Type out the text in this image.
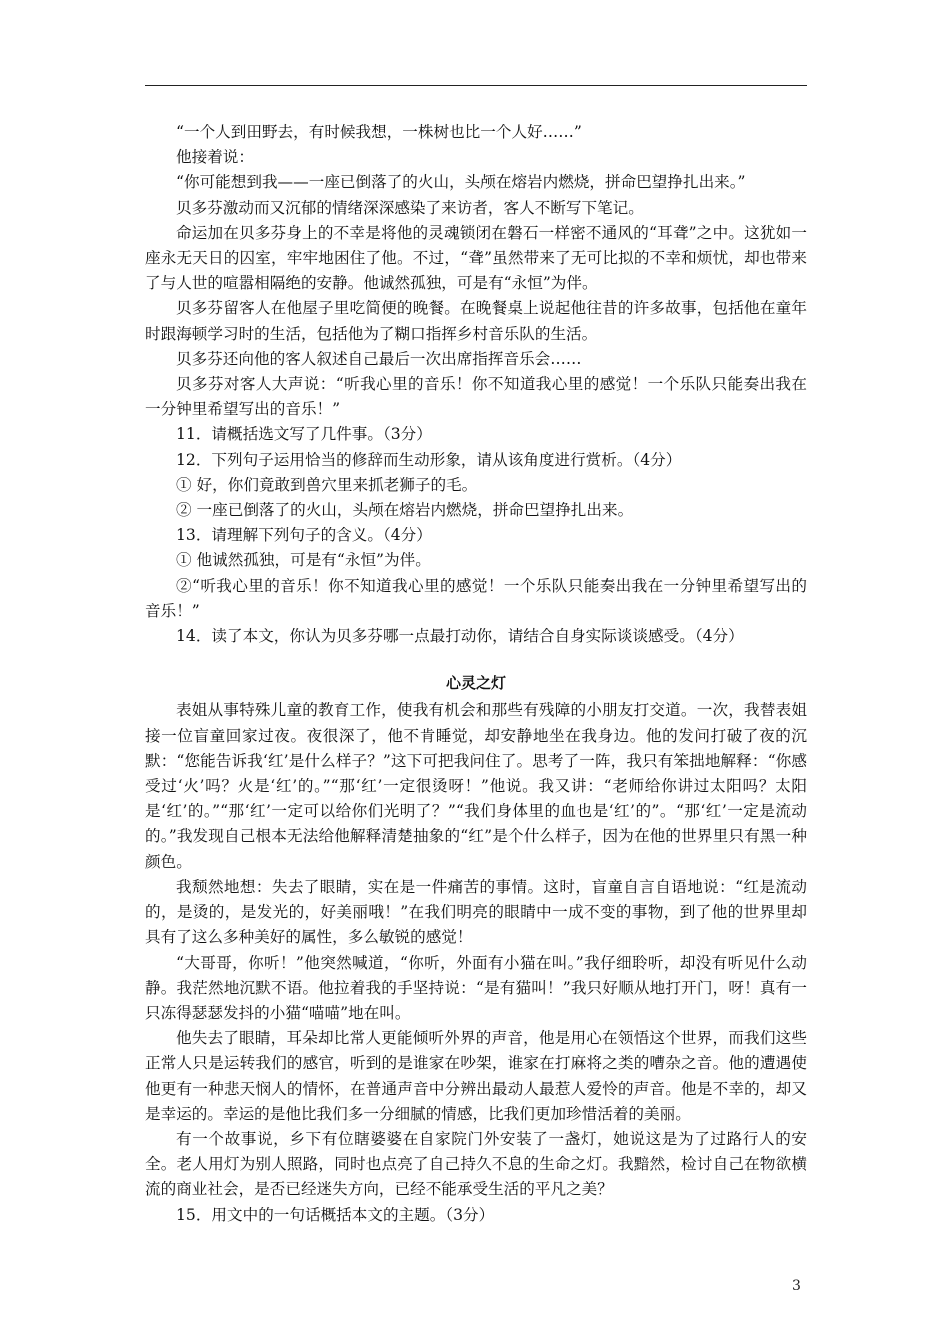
“一个人到田野去，有时候我想，一株树也比一个人好……”

他接着说：

“你可能想到我——一座已倒落了的火山，头颅在熔岩内燃烧，拼命巴望挣扎出来。”

贝多芬激动而又沉郁的情绪深深感染了来访者，客人不断写下笔记。

命运加在贝多芬身上的不幸是将他的灵魂锁闭在磐石一样密不通风的“耳聋”之中。这犹如一座永无天日的囚室，牢牢地困住了他。不过，“聋”虽然带来了无可比拟的不幸和烦忧，却也带来了与人世的喧嚣相隔绝的安静。他诚然孤独，可是有“永恒”为伴。

贝多芬留客人在他屋子里吃简便的晚餐。在晚餐桌上说起他往昔的许多故事，包括他在童年时跟海顿学习时的生活，包括他为了糊口指挥乡村音乐队的生活。

贝多芬还向他的客人叙述自己最后一次出席指挥音乐会……

贝多芬对客人大声说：“听我心里的音乐！你不知道我心里的感觉！一个乐队只能奏出我在一分钟里希望写出的音乐！”

11．请概括选文写了几件事。（3分）

12．下列句子运用恰当的修辞而生动形象，请从该角度进行赏析。（4分）

① 好，你们竟敢到兽穴里来抓老狮子的毛。

② 一座已倒落了的火山，头颅在熔岩内燃烧，拼命巴望挣扎出来。

13．请理解下列句子的含义。（4分）

① 他诚然孤独，可是有“永恒”为伴。

②“听我心里的音乐！你不知道我心里的感觉！一个乐队只能奏出我在一分钟里希望写出的音乐！”

14．读了本文，你认为贝多芬哪一点最打动你，请结合自身实际谈谈感受。（4分）

心灵之灯

表姐从事特殊儿童的教育工作，使我有机会和那些有残障的小朋友打交道。一次，我替表姐接一位盲童回家过夜。夜很深了，他不肯睡觉，却安静地坐在我身边。他的发问打破了夜的沉默：“您能告诉我‘红’是什么样子？”这下可把我问住了。思考了一阵，我只有笨拙地解释：“你感受过‘火’吗？火是‘红’的。”“那‘红’一定很烫呀！”他说。我又讲：“老师给你讲过太阳吗？太阳是‘红’的。”“那‘红’一定可以给你们光明了？”“我们身体里的血也是‘红’的”。“那‘红’一定是流动的。”我发现自己根本无法给他解释清楚抽象的“红”是个什么样子，因为在他的世界里只有黑一种颜色。

我颓然地想：失去了眼睛，实在是一件痛苦的事情。这时，盲童自言自语地说：“红是流动的，是烫的，是发光的，好美丽哦！”在我们明亮的眼睛中一成不变的事物，到了他的世界里却具有了这么多种美好的属性，多么敏锐的感觉！

“大哥哥，你听！”他突然喊道，“你听，外面有小猫在叫。”我仔细聆听，却没有听见什么动静。我茫然地沉默不语。他拉着我的手坚持说：“是有猫叫！”我只好顺从地打开门，呀！真有一只冻得瑟瑟发抖的小猫“喵喵”地在叫。

他失去了眼睛，耳朵却比常人更能倾听外界的声音，他是用心在领悟这个世界，而我们这些正常人只是运转我们的感官，听到的是谁家在吵架，谁家在打麻将之类的嘈杂之音。他的遭遇使他更有一种悲天悯人的情怀，在普通声音中分辨出最动人最惹人爱怜的声音。他是不幸的，却又是幸运的。幸运的是他比我们多一分细腻的情感，比我们更加珍惜活着的美丽。

有一个故事说，乡下有位瞎婆婆在自家院门外安装了一盏灯，她说这是为了过路行人的安全。老人用灯为别人照路，同时也点亮了自己持久不息的生命之灯。我黯然，检讨自己在物欲横流的商业社会，是否已经迷失方向，已经不能承受生活的平凡之美？

15．用文中的一句话概括本文的主题。（3分）

3
